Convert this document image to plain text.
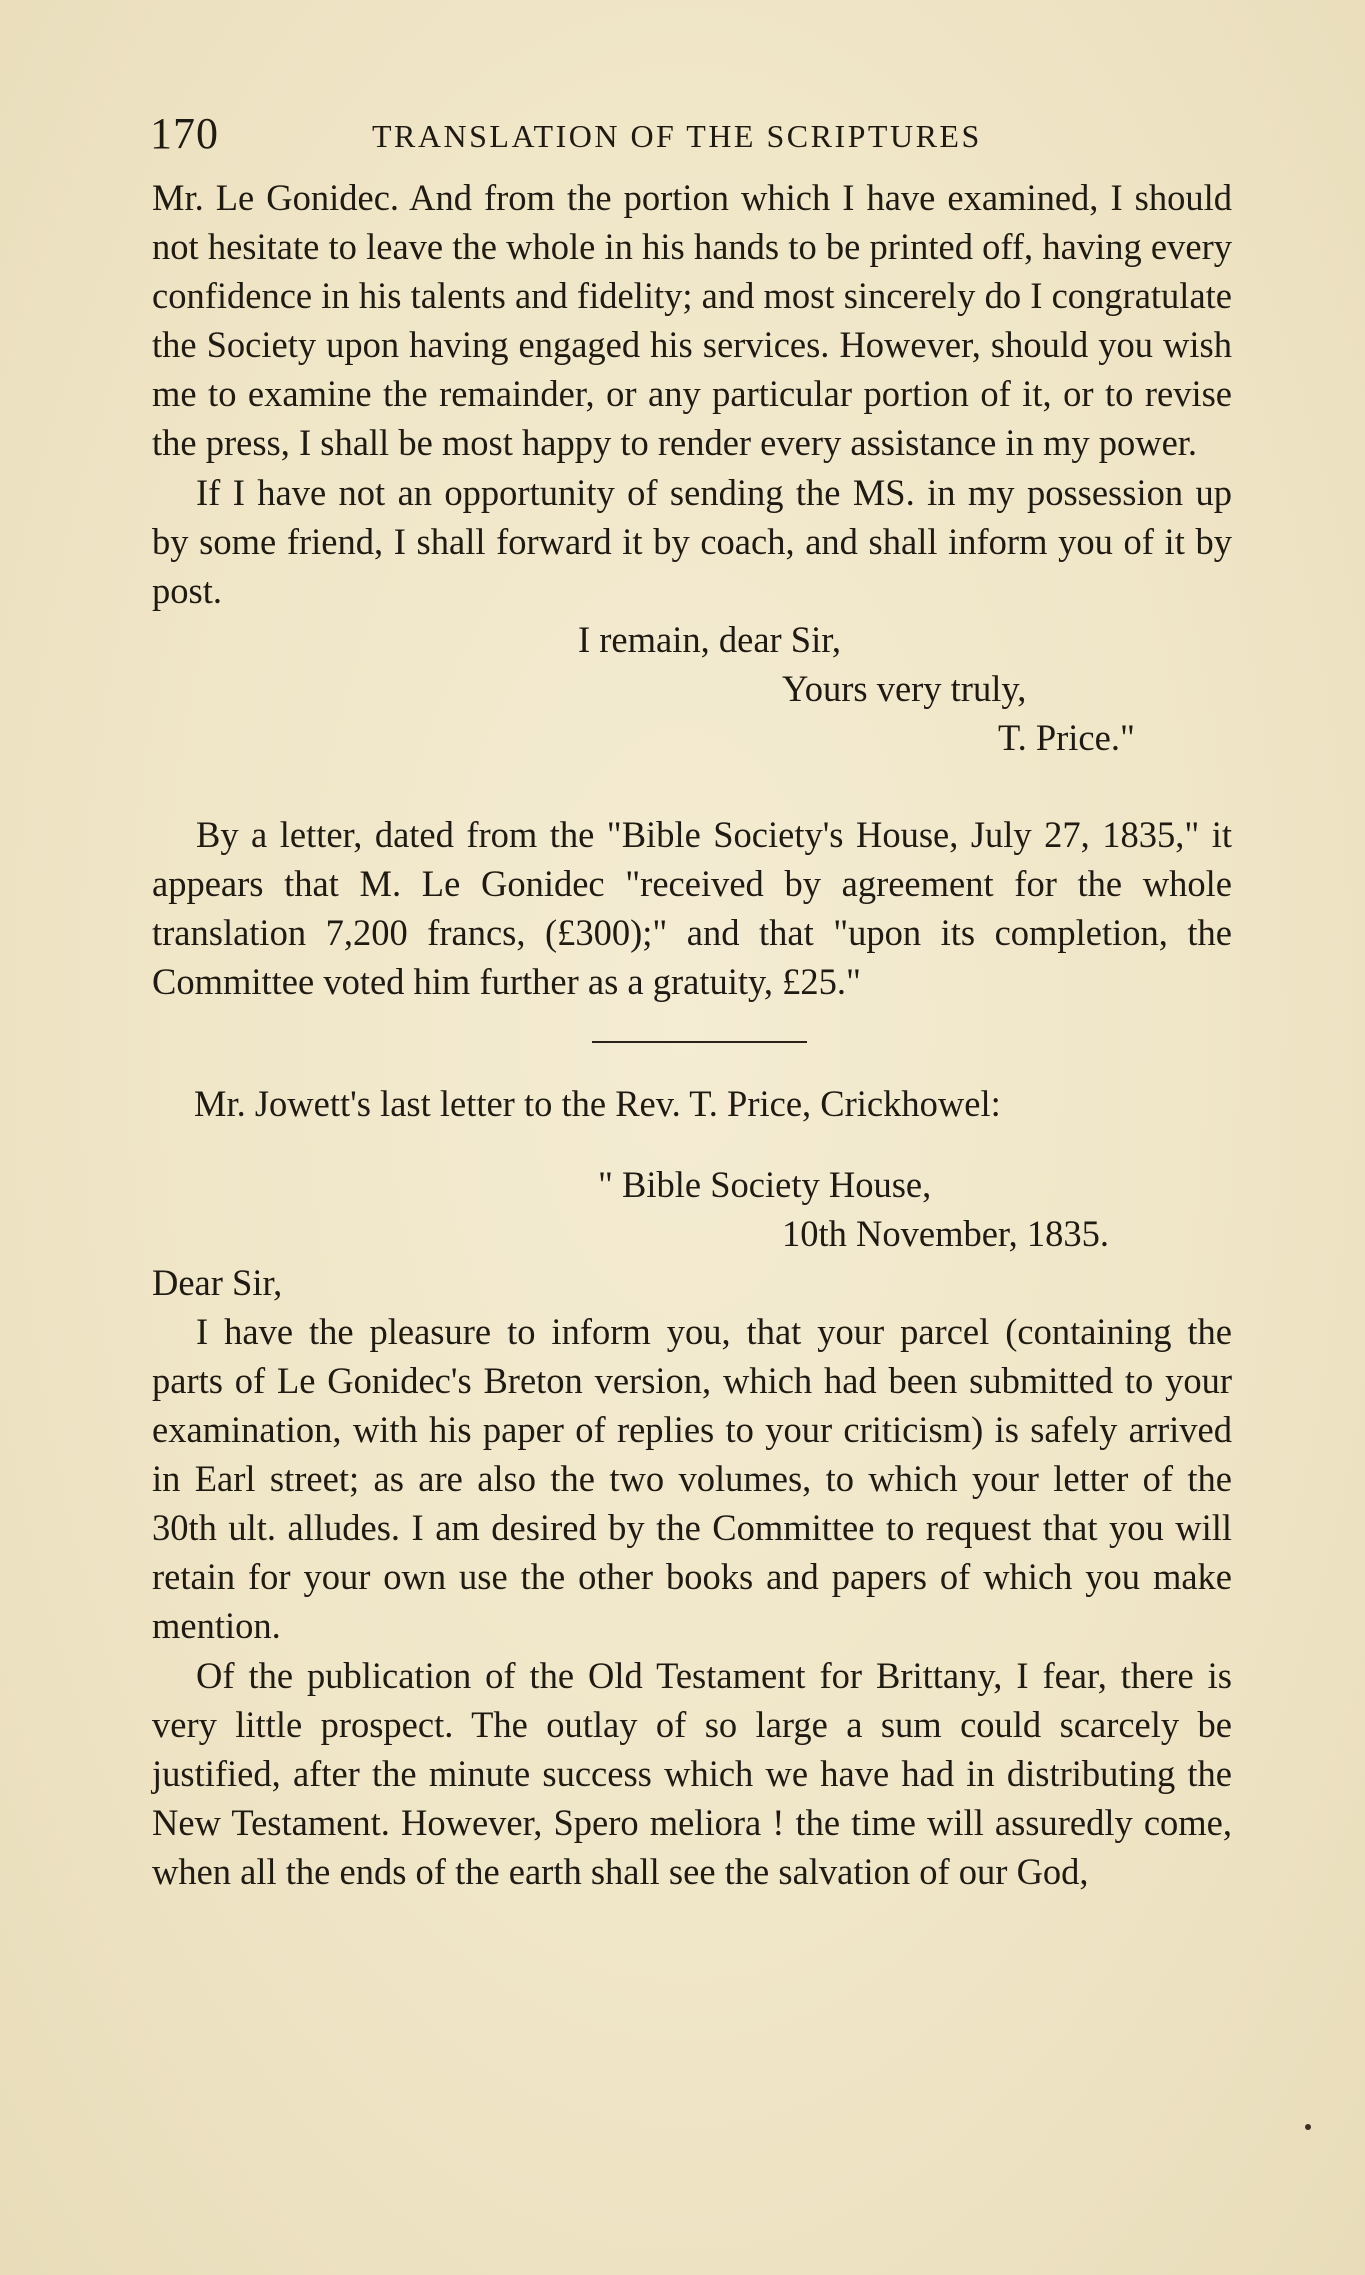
170	TRANSLATION OF THE SCRIPTURES

Mr. Le Gonidec. And from the portion which I have examined, I should not hesitate to leave the whole in his hands to be printed off, having every confidence in his talents and fidelity; and most sincerely do I congratulate the Society upon having engaged his services. However, should you wish me to examine the remainder, or any particular portion of it, or to revise the press, I shall be most happy to render every assistance in my power.

If I have not an opportunity of sending the MS. in my possession up by some friend, I shall forward it by coach, and shall inform you of it by post.

I remain, dear Sir,

Yours very truly,

T. Price."

By a letter, dated from the "Bible Society's House, July 27, 1835," it appears that M. Le Gonidec "received by agreement for the whole translation 7,200 francs, (£300);" and that "upon its completion, the Committee voted him further as a gratuity, £25."

Mr. Jowett's last letter to the Rev. T. Price, Crickhowel:

" Bible Society House,

10th November, 1835.

Dear Sir,

I have the pleasure to inform you, that your parcel (containing the parts of Le Gonidec's Breton version, which had been submitted to your examination, with his paper of replies to your criticism) is safely arrived in Earl street; as are also the two volumes, to which your letter of the 30th ult. alludes. I am desired by the Committee to request that you will retain for your own use the other books and papers of which you make mention.

Of the publication of the Old Testament for Brittany, I fear, there is very little prospect. The outlay of so large a sum could scarcely be justified, after the minute success which we have had in distributing the New Testament. However, Spero meliora ! the time will assuredly come, when all the ends of the earth shall see the salvation of our God,
